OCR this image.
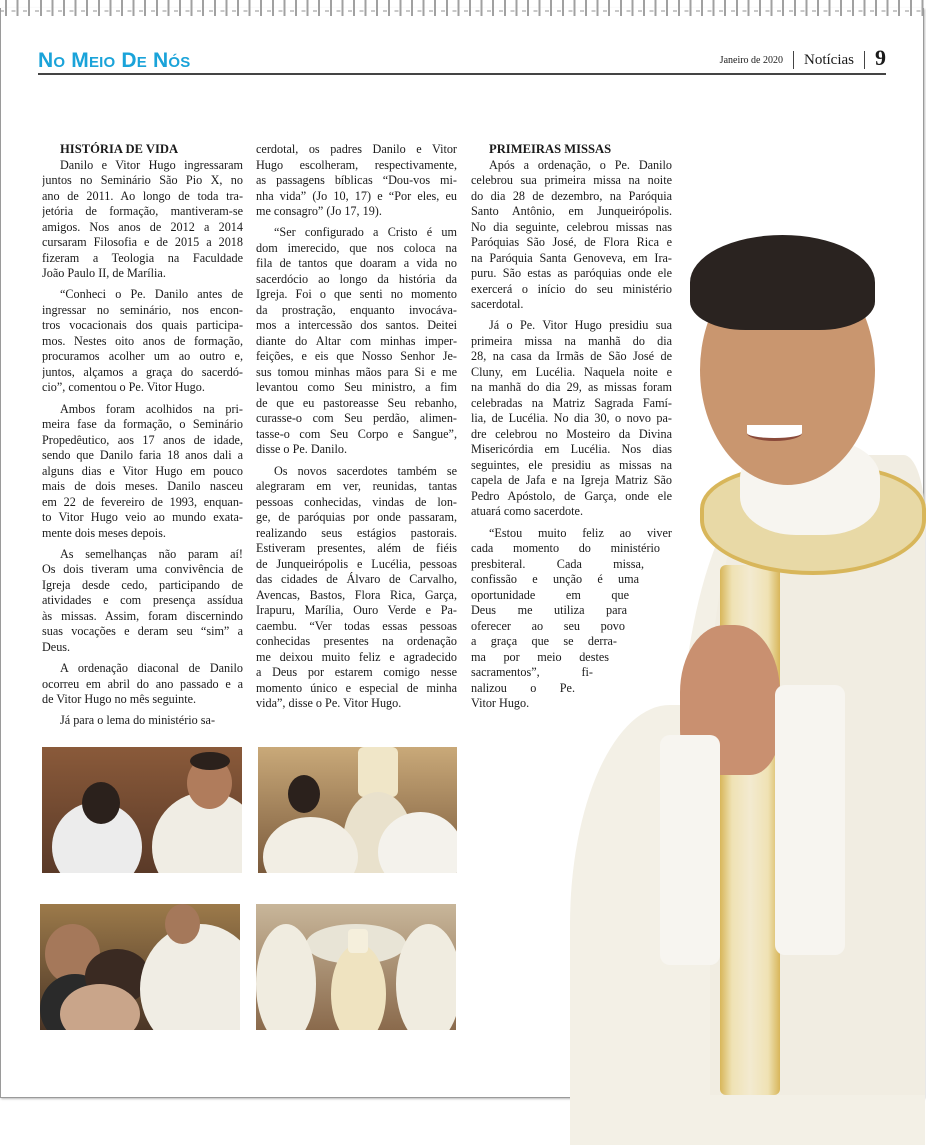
No Meio De Nós	Janeiro de 2020 Notícias 9
HISTÓRIA DE VIDA
Danilo e Vitor Hugo ingressaram
juntos no Seminário São Pio X, no
ano de 2011. Ao longo de toda tra-
jetória de formação, mantiveram-se
amigos. Nos anos de 2012 a 2014
cursaram Filosofia e de 2015 a 2018
fizeram a Teologia na Faculdade
João Paulo II, de Marília.
“Conheci o Pe. Danilo antes de
ingressar no seminário, nos encon-
tros vocacionais dos quais participa-
mos. Nestes oito anos de formação,
procuramos acolher um ao outro e,
juntos, alçamos a graça do sacerdó-
cio”, comentou o Pe. Vitor Hugo.
Ambos foram acolhidos na pri-
meira fase da formação, o Seminário
Propedêutico, aos 17 anos de idade,
sendo que Danilo faria 18 anos dali a
alguns dias e Vitor Hugo em pouco
mais de dois meses. Danilo nasceu
em 22 de fevereiro de 1993, enquan-
to Vitor Hugo veio ao mundo exata-
mente dois meses depois.
As semelhanças não param aí!
Os dois tiveram uma convivência de
Igreja desde cedo, participando de
atividades e com presença assídua
às missas. Assim, foram discernindo
suas vocações e deram seu “sim” a
Deus.
A ordenação diaconal de Danilo
ocorreu em abril do ano passado e a
de Vitor Hugo no mês seguinte.
Já para o lema do ministério sa-
cerdotal, os padres Danilo e Vitor
Hugo escolheram, respectivamente,
as passagens bíblicas “Dou-vos mi-
nha vida” (Jo 10, 17) e “Por eles, eu
me consagro” (Jo 17, 19).
“Ser configurado a Cristo é um
dom imerecido, que nos coloca na
fila de tantos que doaram a vida no
sacerdócio ao longo da história da
Igreja. Foi o que senti no momento
da prostração, enquanto invocáva-
mos a intercessão dos santos. Deitei
diante do Altar com minhas imper-
feições, e eis que Nosso Senhor Je-
sus tomou minhas mãos para Si e me
levantou como Seu ministro, a fim
de que eu pastoreasse Seu rebanho,
curasse-o com Seu perdão, alimen-
tasse-o com Seu Corpo e Sangue”,
disse o Pe. Danilo.
Os novos sacerdotes também se
alegraram em ver, reunidas, tantas
pessoas conhecidas, vindas de lon-
ge, de paróquias por onde passaram,
realizando seus estágios pastorais.
Estiveram presentes, além de fiéis
de Junqueirópolis e Lucélia, pessoas
das cidades de Álvaro de Carvalho,
Avencas, Bastos, Flora Rica, Garça,
Irapuru, Marília, Ouro Verde e Pa-
caembu. “Ver todas essas pessoas
conhecidas presentes na ordenação
me deixou muito feliz e agradecido
a Deus por estarem comigo nesse
momento único e especial de minha
vida”, disse o Pe. Vitor Hugo.
PRIMEIRAS MISSAS
Após a ordenação, o Pe. Danilo
celebrou sua primeira missa na noite
do dia 28 de dezembro, na Paróquia
Santo Antônio, em Junqueirópolis.
No dia seguinte, celebrou missas nas
Paróquias São José, de Flora Rica e
na Paróquia Santa Genoveva, em Ira-
puru. São estas as paróquias onde ele
exercerá o início do seu ministério
sacerdotal.
Já o Pe. Vitor Hugo presidiu sua
primeira missa na manhã do dia
28, na casa da Irmãs de São José de
Cluny, em Lucélia. Naquela noite e
na manhã do dia 29, as missas foram
celebradas na Matriz Sagrada Famí-
lia, de Lucélia. No dia 30, o novo pa-
dre celebrou no Mosteiro da Divina
Misericórdia em Lucélia. Nos dias
seguintes, ele presidiu as missas na
capela de Jafa e na Igreja Matriz São
Pedro Apóstolo, de Garça, onde ele
atuará como sacerdote.
“Estou muito feliz ao viver
cada momento do ministério
presbiteral. Cada missa,
confissão e unção é uma
oportunidade em que
Deus me utiliza para
oferecer ao seu povo
a graça que se derra-
ma por meio destes
sacramentos”, fi-
nalizou o Pe.
Vitor Hugo.
